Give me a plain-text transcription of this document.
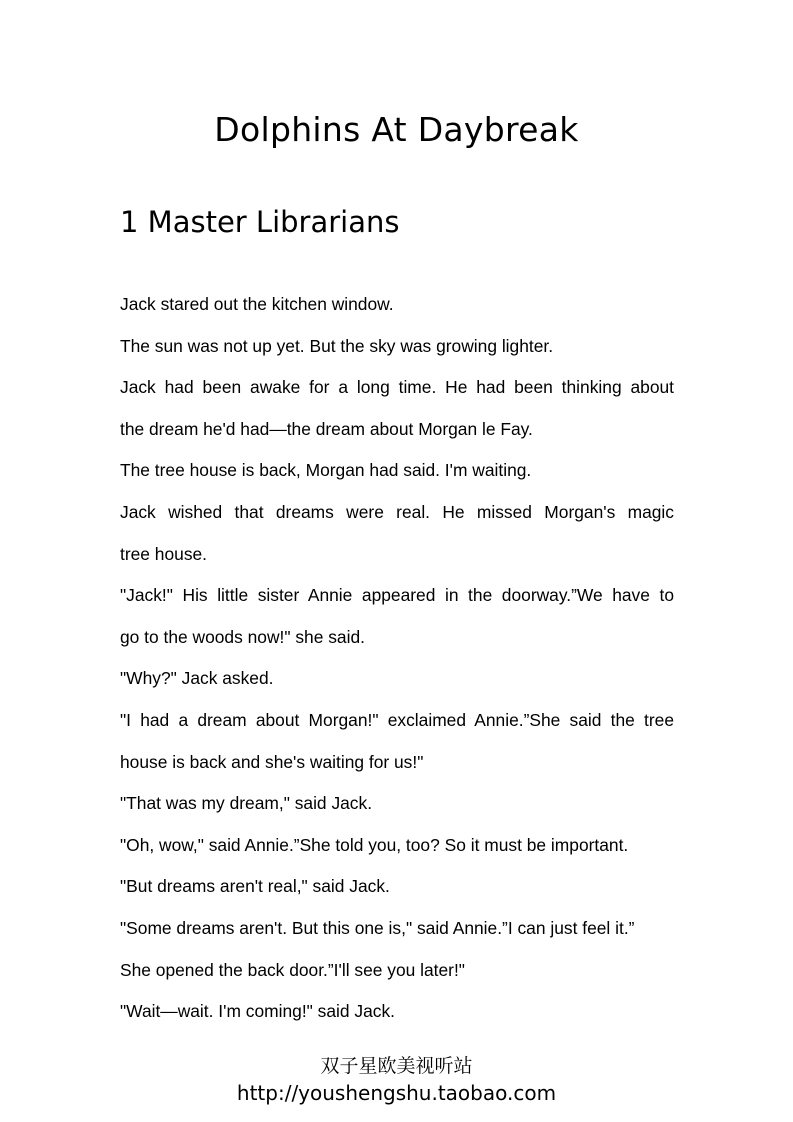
Dolphins At Daybreak
1 Master Librarians
Jack stared out the kitchen window.
The sun was not up yet. But the sky was growing lighter.
Jack had been awake for a long time. He had been thinking about
the dream he'd had—the dream about Morgan le Fay.
The tree house is back, Morgan had said. I'm waiting.
Jack wished that dreams were real. He missed Morgan's magic
tree house.
"Jack!" His little sister Annie appeared in the doorway.”We have to
go to the woods now!" she said.
"Why?" Jack asked.
"I had a dream about Morgan!" exclaimed Annie.”She said the tree
house is back and she's waiting for us!"
"That was my dream," said Jack.
"Oh, wow," said Annie.”She told you, too? So it must be important.
"But dreams aren't real," said Jack.
"Some dreams aren't. But this one is," said Annie.”I can just feel it.”
She opened the back door.”I'll see you later!"
"Wait—wait. I'm coming!" said Jack.
双子星欧美视听站
http://youshengshu.taobao.com
